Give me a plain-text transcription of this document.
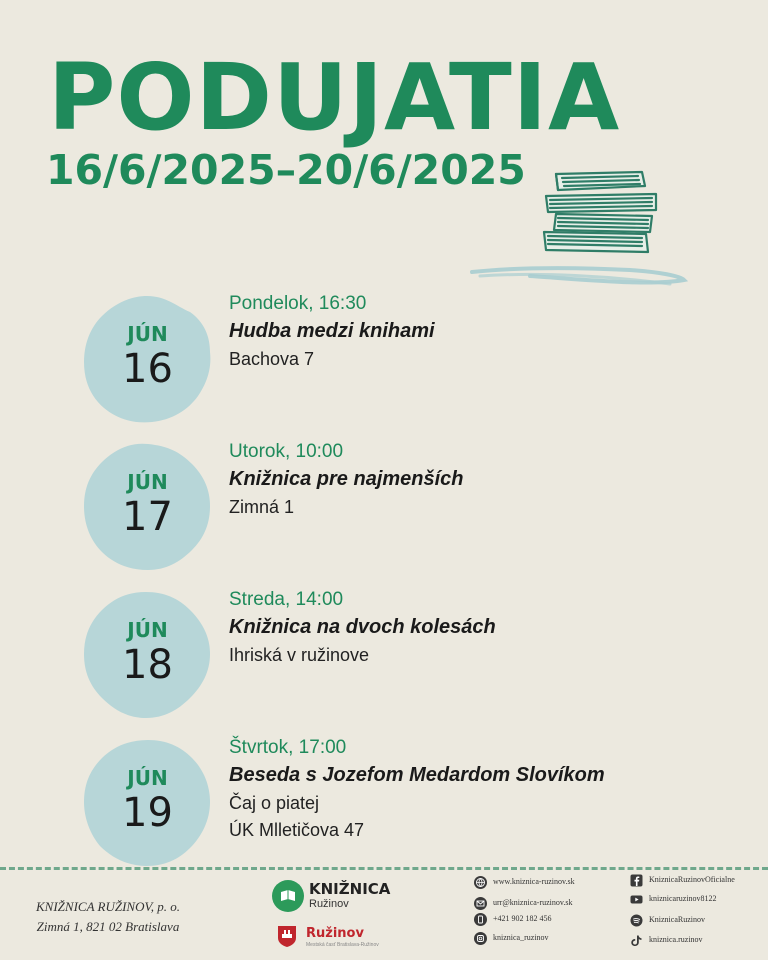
PODUJATIA
16/6/2025–20/6/2025
JÚN
16
Pondelok, 16:30
Hudba medzi knihami
Bachova 7
JÚN
17
Utorok, 10:00
Knižnica pre najmenších
Zimná 1
JÚN
18
Streda, 14:00
Knižnica na dvoch kolesách
Ihriská v ružinove
JÚN
19
Štvrtok, 17:00
Beseda s Jozefom Medardom Slovíkom
Čaj o piatej
ÚK Mlletičova 47
KNIŽNICA RUŽINOV, p. o.
Zimná 1, 821 02 Bratislava
KNIŽNICA
Ružinov
Ružinov
Mestská časť Bratislava-Ružinov
www.kniznica-ruzinov.sk
urr@kniznica-ruzinov.sk
+421 902 182 456
kniznica_ruzinov
KniznicaRuzinovOficialne
kniznicaruzinov8122
KniznicaRuzinov
kniznica.ruzinov
